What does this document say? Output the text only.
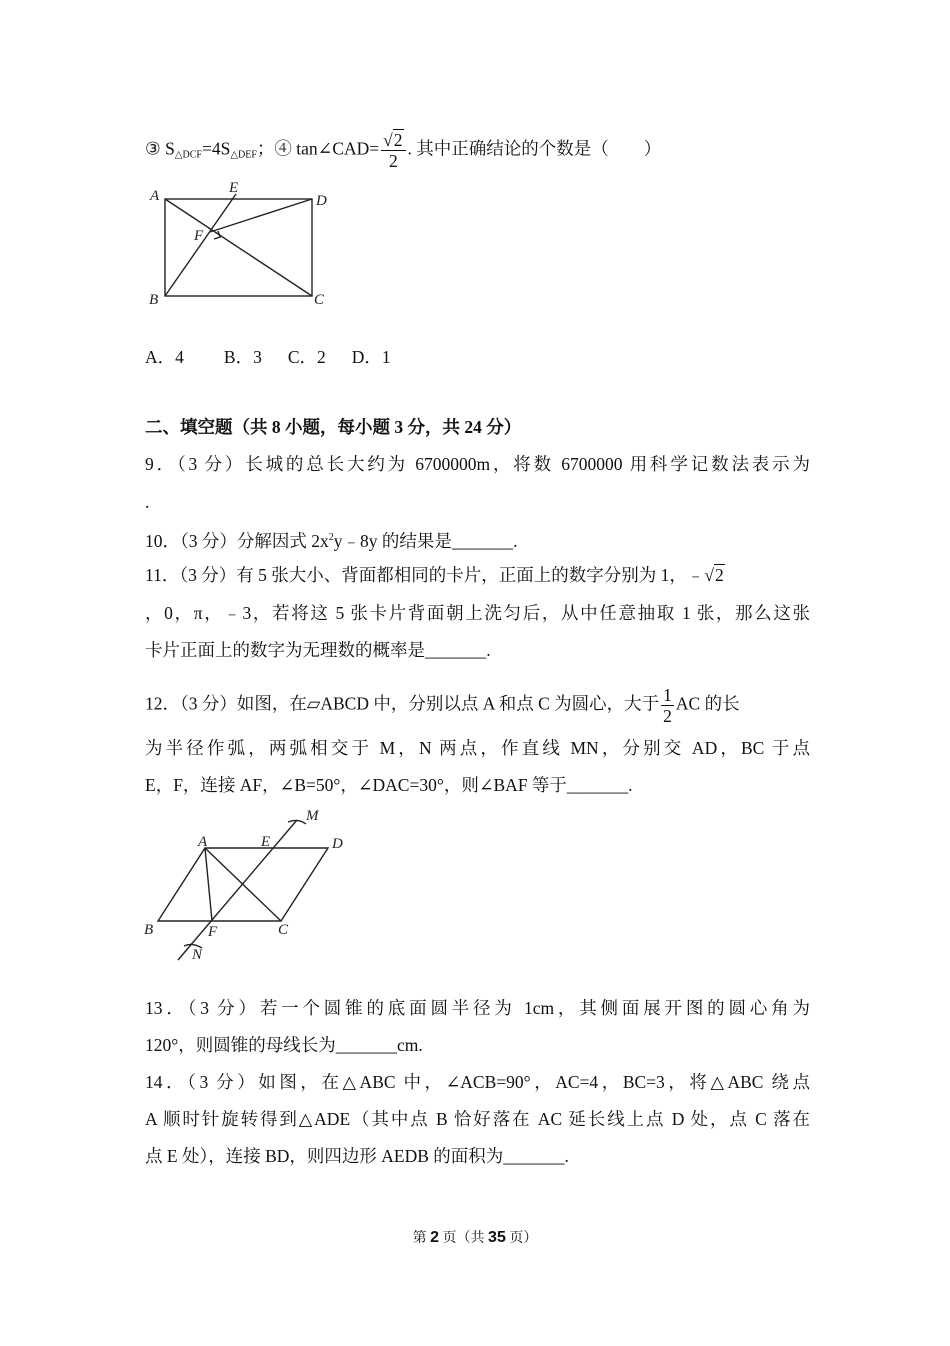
③ $S_{\triangle DCF}=4S_{\triangle DEF}$；④ tan∠CAD= $\frac{√2}{2}$ . 其中正确结论的个数是（　　）
A	E
D
F
B	C
A．4 B．3 C．2 D．1
二、填空题（共 8 小题，每小题 3 分，共 24 分）
9．（3 分）长城的总长大约为 6700000m，将数 6700000 用科学记数法表示为
.
10．（3 分）分解因式 $2x^2y﹣8y$ 的结果是_______.
11．（3 分）有 5 张大小、背面都相同的卡片，正面上的数字分别为 1，﹣√2
，0，π，﹣3，若将这 5 张卡片背面朝上洗匀后，从中任意抽取 1 张，那么这张
卡片正面上的数字为无理数的概率是_______.
12．（3 分）如图，在▱ABCD 中，分别以点 A 和点 C 为圆心，大于 $\frac{1}{2}$ AC 的长
为半径作弧，两弧相交于 M，N 两点，作直线 MN，分别交 AD，BC 于点
E，F，连接 AF，∠B=50°，∠DAC=30°，则∠BAF 等于_______.
M
A	E	D
B	F	C
N
13．（3 分）若一个圆锥的底面圆半径为 1cm，其侧面展开图的圆心角为
120°，则圆锥的母线长为_______cm.
14．（3 分）如图，在△ABC 中，∠ACB=90°，AC=4，BC=3，将△ABC 绕点
A 顺时针旋转得到△ADE（其中点 B 恰好落在 AC 延长线上点 D 处，点 C 落在
点 E 处），连接 BD，则四边形 AEDB 的面积为_______.
第 2 页（共 35 页）
